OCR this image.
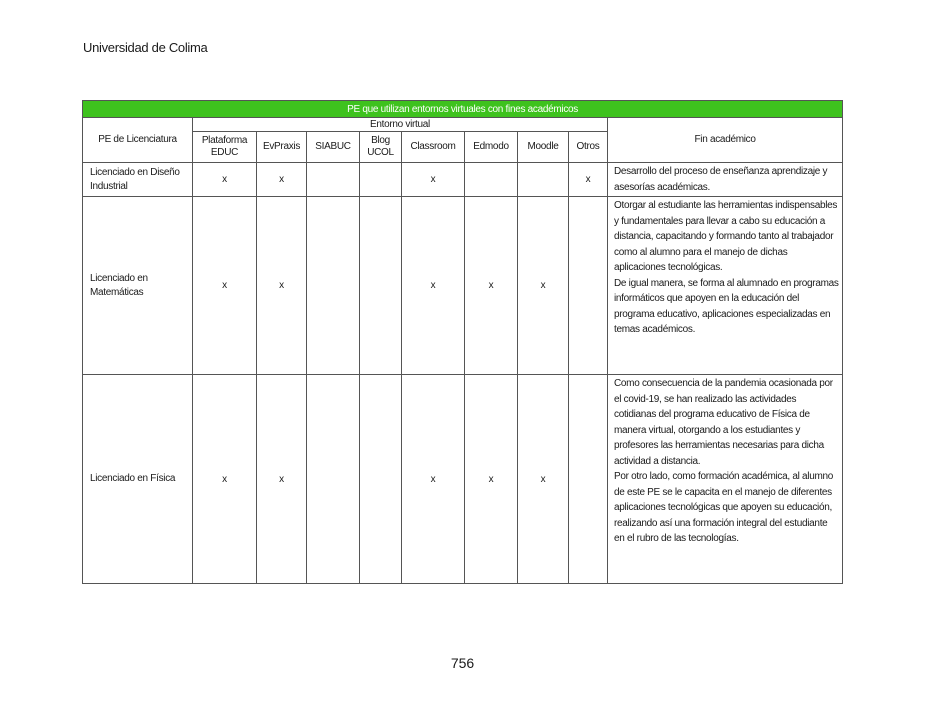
Universidad de Colima
PE que utilizan entornos virtuales con fines académicos									
PE de Licenciatura	Entorno virtual								Fin académico
	Plataforma EDUC	EvPraxis	SIABUC	Blog UCOL	Classroom	Edmodo	Moodle	Otros	
Licenciado en Diseño Industrial	x	x			x			x	Desarrollo del proceso de enseñanza aprendizaje y asesorías académicas.

Licenciado en Matemáticas	x	x			x	x	x		Otorgar al estudiante las herramientas indispensables y fundamentales para llevar a cabo su educación a distancia, capacitando y formando tanto al trabajador como al alumno para el manejo de dichas aplicaciones tecnológicas.

De igual manera, se forma al alumnado en programas informáticos que apoyen en la educación del programa educativo, aplicaciones especializadas en temas académicos.

Licenciado en Física	x	x			x	x	x		Como consecuencia de la pandemia ocasionada por el covid-19, se han realizado las actividades cotidianas del programa educativo de Física de manera virtual, otorgando a los estudiantes y profesores las herramientas necesarias para dicha actividad a distancia.

Por otro lado, como formación académica, al alumno de este PE se le capacita en el manejo de diferentes aplicaciones tecnológicas que apoyen su educación, realizando así una formación integral del estudiante en el rubro de las tecnologías.

756
